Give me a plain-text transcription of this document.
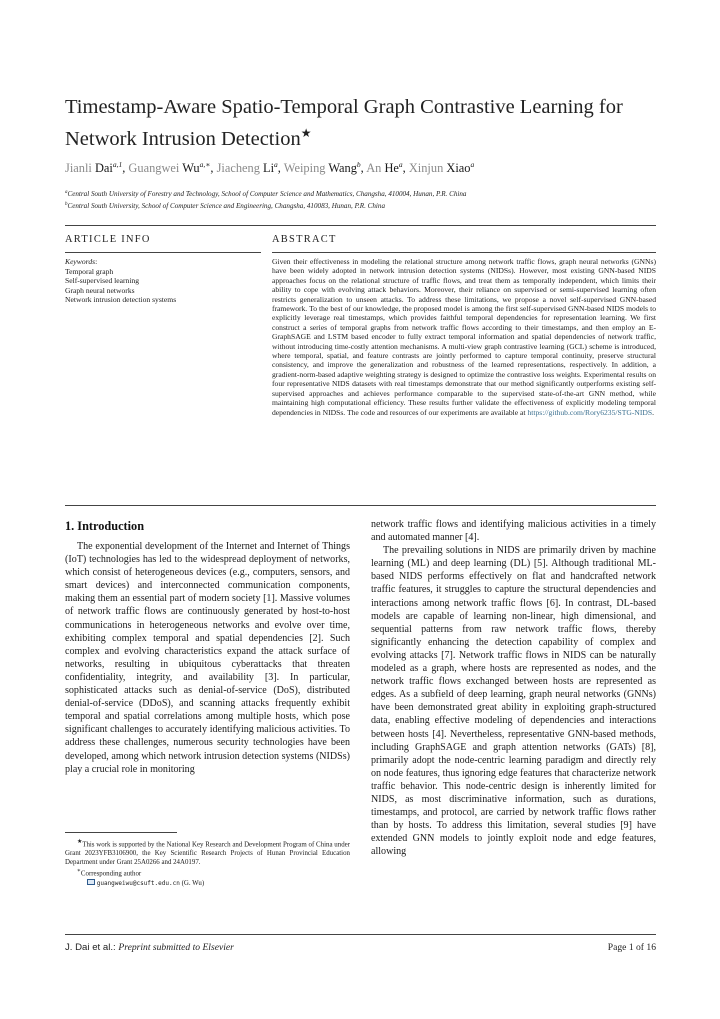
Timestamp-Aware Spatio-Temporal Graph Contrastive Learning for Network Intrusion Detection★
Jianli Dai$^{a,1}$, Guangwei $Wu^{a,∗}$, Jiacheng Li$^a$, Weiping Wang$^b$, An He$^a$, Xinjun Xiao$^a$
$^a$Central South University of Forestry and Technology, School of Computer Science and Mathematics, Changsha, 410004, Hunan, P.R. China
$^b$Central South University, School of Computer Science and Engineering, Changsha, 410083, Hunan, P.R. China
ARTICLE INFO	ABSTRACT
Keywords:
Temporal graph
Self-supervised learning
Graph neural networks
Network intrusion detection systems
Given their effectiveness in modeling the relational structure among network traffic flows, graph neural networks (GNNs) have been widely adopted in network intrusion detection systems (NIDSs). However, most existing GNN-based NIDS approaches focus on the relational structure of traffic flows, and treat them as temporally independent, which limits their ability to cope with evolving attack behaviors. Moreover, their reliance on supervised or semi-supervised learning often restricts generalization to unseen attacks. To address these limitations, we propose a novel self-supervised GNN-based framework. To the best of our knowledge, the proposed model is among the first self-supervised GNN-based NIDS models to explicitly leverage real timestamps, which provides faithful temporal dependencies for representation learning. We first construct a series of temporal graphs from network traffic flows according to their timestamps, and then employ an E-GraphSAGE and LSTM based encoder to fully extract temporal information and spatial dependencies of network traffic, without introducing time-costly attention mechanisms. A multi-view graph contrastive learning (GCL) scheme is introduced, where temporal, spatial, and feature contrasts are jointly performed to capture temporal continuity, preserve structural consistency, and improve the generalization and robustness of the learned representations, respectively. In addition, a gradient-norm-based adaptive weighting strategy is designed to optimize the contrastive loss weights. Experimental results on four representative NIDS datasets with real timestamps demonstrate that our method significantly outperforms existing self-supervised approaches and achieves performance comparable to the supervised state-of-the-art GNN method, while maintaining high computational efficiency. These results further validate the effectiveness of explicitly modeling temporal dependencies in NIDSs. The code and resources of our experiments are available at https://github.com/Rory6235/STG-NIDS.
1. Introduction

The exponential development of the Internet and Internet of Things (IoT) technologies has led to the widespread deployment of networks, which consist of heterogeneous devices (e.g., computers, sensors, and smart devices) and interconnected communication components, making them an essential part of modern society [1]. Massive volumes of network traffic flows are continuously generated by host-to-host communications in heterogeneous networks and evolve over time, exhibiting complex temporal and spatial dependencies [2]. Such complex and evolving characteristics expand the attack surface of networks, resulting in ubiquitous cyberattacks that threaten confidentiality, integrity, and availability [3]. In particular, sophisticated attacks such as denial-of-service (DoS), distributed denial-of-service (DDoS), and scanning attacks frequently exhibit temporal and spatial correlations among multiple hosts, which pose significant challenges to accurately identifying malicious activities. To address these challenges, numerous security technologies have been developed, among which network intrusion detection systems (NIDSs) play a crucial role in monitoring

★This work is supported by the National Key Research and Development Program of China under Grant 2023YFB3106900, the Key Scientific Research Projects of Hunan Provincial Education Department under Grant 25A0266 and 24A0197.

∗Corresponding author

guangweiwu@csuft.edu.cn (G. Wu)

network traffic flows and identifying malicious activities in a timely and automated manner [4].

The prevailing solutions in NIDS are primarily driven by machine learning (ML) and deep learning (DL) [5]. Although traditional ML-based NIDS performs effectively on flat and handcrafted network traffic features, it struggles to capture the structural dependencies and interactions among network traffic flows [6]. In contrast, DL-based models are capable of learning non-linear, high dimensional, and sequential patterns from raw network traffic flows, thereby significantly enhancing the detection capability of complex and evolving attacks [7]. Network traffic flows in NIDS can be naturally modeled as a graph, where hosts are represented as nodes, and the network traffic flows exchanged between hosts are represented as edges. As a subfield of deep learning, graph neural networks (GNNs) have been demonstrated great ability in exploiting graph-structured data, enabling effective modeling of dependencies and interactions between hosts [4]. Nevertheless, representative GNN-based methods, including GraphSAGE and graph attention networks (GATs) [8], primarily adopt the node-centric learning paradigm and directly rely on node features, thus ignoring edge features that characterize network traffic behavior. This node-centric design is inherently limited for NIDS, as most discriminative information, such as durations, timestamps, and protocol, are carried by network traffic flows rather than by hosts. To address this limitation, several studies [9] have extended GNN models to jointly exploit node and edge features, allowing

J. Dai et al.: Preprint submitted to Elsevier	Page 1 of 16
